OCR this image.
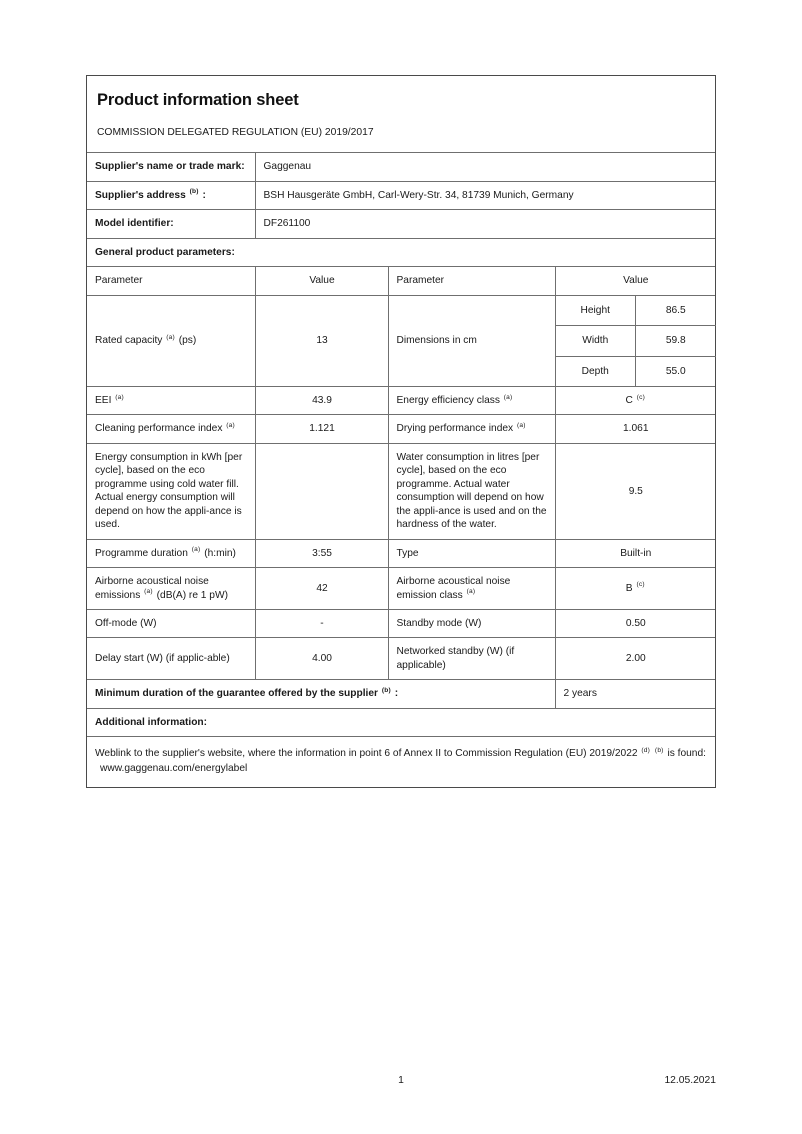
Product information sheet
COMMISSION DELEGATED REGULATION (EU) 2019/2017
Supplier's name or trade mark:	Gaggenau
Supplier's address $^{(b)}$ :	BSH Hausgeräte GmbH, Carl-Wery-Str. 34, 81739 Munich, Germany
Model identifier:	DF261100
General product parameters:
Parameter	Value	Parameter	Value
Rated capacity $^{(a)}$ (ps)	13	Dimensions in cm	
Height	86.5
Width	59.8
Depth	55.0

EEI $^{(a)}$	43.9	Energy efficiency class $^{(a)}$	C $^{(c)}$
Cleaning performance index $^{(a)}$	1.121	Drying performance index $^{(a)}$	1.061
Energy consumption in kWh [per cycle], based on the eco programme using cold water fill. Actual energy consumption will depend on how the appli-ance is used.		Water consumption in litres [per cycle], based on the eco programme. Actual water consumption will depend on how the appli-ance is used and on the hardness of the water.	9.5
Programme duration $^{(a)}$ (h:min)	3:55	Type	Built-in
Airborne acoustical noise emissions $^{(a)}$ (dB(A) re 1 pW)	42	Airborne acoustical noise emission class $^{(a)}$	B $^{(c)}$
Off-mode (W)	-	Standby mode (W)	0.50
Delay start (W) (if applic-able)	4.00	Networked standby (W) (if applicable)	2.00
Minimum duration of the guarantee offered by the supplier $^{(b)}$ :	2 years
Additional information:
Weblink to the supplier's website, where the information in point 6 of Annex II to Commission Regulation (EU) 2019/2022 $^{(d)}$ $^{(b)}$ is found:
www.gaggenau.com/energylabel
1	12.05.2021
